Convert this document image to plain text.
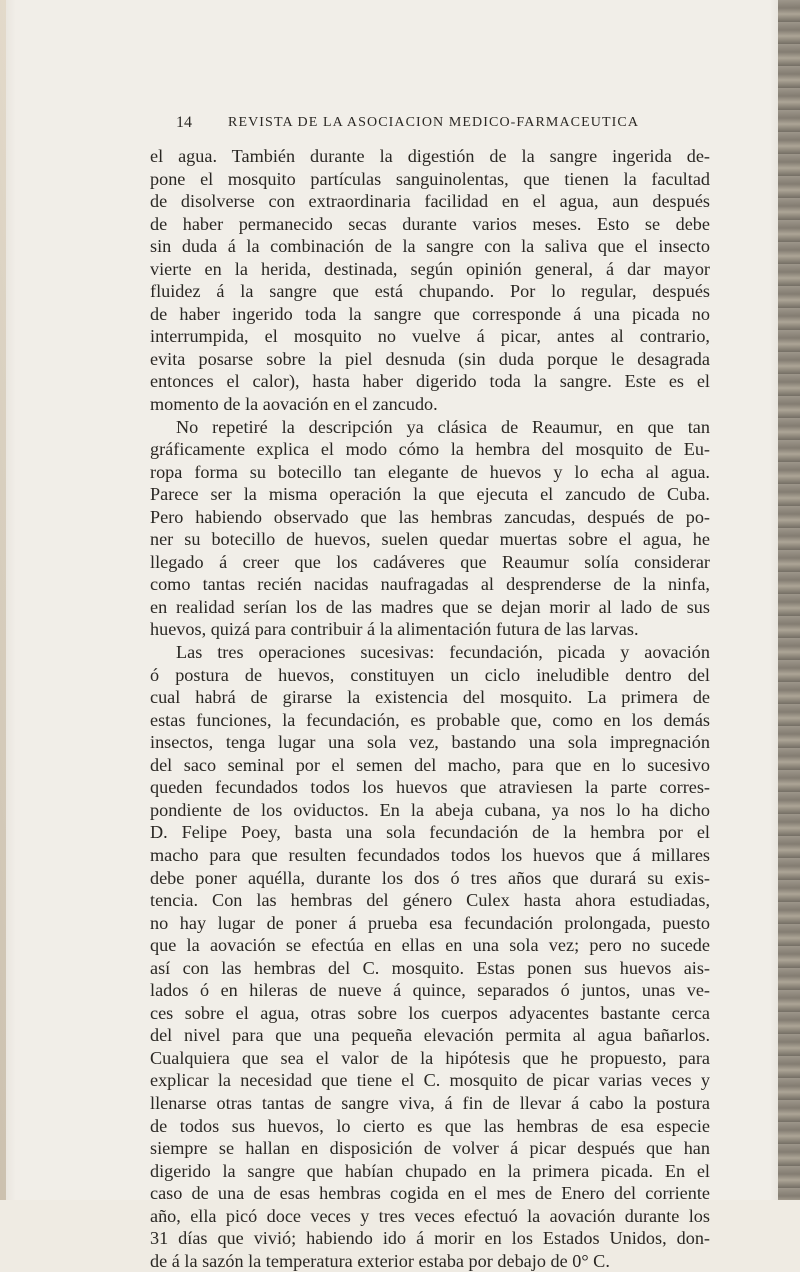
14	REVISTA DE LA ASOCIACION MEDICO-FARMACEUTICA
el agua. También durante la digestión de la sangre ingerida de-
pone el mosquito partículas sanguinolentas, que tienen la facultad
de disolverse con extraordinaria facilidad en el agua, aun después
de haber permanecido secas durante varios meses. Esto se debe
sin duda á la combinación de la sangre con la saliva que el insecto
vierte en la herida, destinada, según opinión general, á dar mayor
fluidez á la sangre que está chupando. Por lo regular, después
de haber ingerido toda la sangre que corresponde á una picada no
interrumpida, el mosquito no vuelve á picar, antes al contrario,
evita posarse sobre la piel desnuda (sin duda porque le desagrada
entonces el calor), hasta haber digerido toda la sangre. Este es el
momento de la aovación en el zancudo.
No repetiré la descripción ya clásica de Reaumur, en que tan
gráficamente explica el modo cómo la hembra del mosquito de Eu-
ropa forma su botecillo tan elegante de huevos y lo echa al agua.
Parece ser la misma operación la que ejecuta el zancudo de Cuba.
Pero habiendo observado que las hembras zancudas, después de po-
ner su botecillo de huevos, suelen quedar muertas sobre el agua, he
llegado á creer que los cadáveres que Reaumur solía considerar
como tantas recién nacidas naufragadas al desprenderse de la ninfa,
en realidad serían los de las madres que se dejan morir al lado de sus
huevos, quizá para contribuir á la alimentación futura de las larvas.
Las tres operaciones sucesivas: fecundación, picada y aovación
ó postura de huevos, constituyen un ciclo ineludible dentro del
cual habrá de girarse la existencia del mosquito. La primera de
estas funciones, la fecundación, es probable que, como en los demás
insectos, tenga lugar una sola vez, bastando una sola impregnación
del saco seminal por el semen del macho, para que en lo sucesivo
queden fecundados todos los huevos que atraviesen la parte corres-
pondiente de los oviductos. En la abeja cubana, ya nos lo ha dicho
D. Felipe Poey, basta una sola fecundación de la hembra por el
macho para que resulten fecundados todos los huevos que á millares
debe poner aquélla, durante los dos ó tres años que durará su exis-
tencia. Con las hembras del género Culex hasta ahora estudiadas,
no hay lugar de poner á prueba esa fecundación prolongada, puesto
que la aovación se efectúa en ellas en una sola vez; pero no sucede
así con las hembras del C. mosquito. Estas ponen sus huevos ais-
lados ó en hileras de nueve á quince, separados ó juntos, unas ve-
ces sobre el agua, otras sobre los cuerpos adyacentes bastante cerca
del nivel para que una pequeña elevación permita al agua bañarlos.
Cualquiera que sea el valor de la hipótesis que he propuesto, para
explicar la necesidad que tiene el C. mosquito de picar varias veces y
llenarse otras tantas de sangre viva, á fin de llevar á cabo la postura
de todos sus huevos, lo cierto es que las hembras de esa especie
siempre se hallan en disposición de volver á picar después que han
digerido la sangre que habían chupado en la primera picada. En el
caso de una de esas hembras cogida en el mes de Enero del corriente
año, ella picó doce veces y tres veces efectuó la aovación durante los
31 días que vivió; habiendo ido á morir en los Estados Unidos, don-
de á la sazón la temperatura exterior estaba por debajo de 0° C.
